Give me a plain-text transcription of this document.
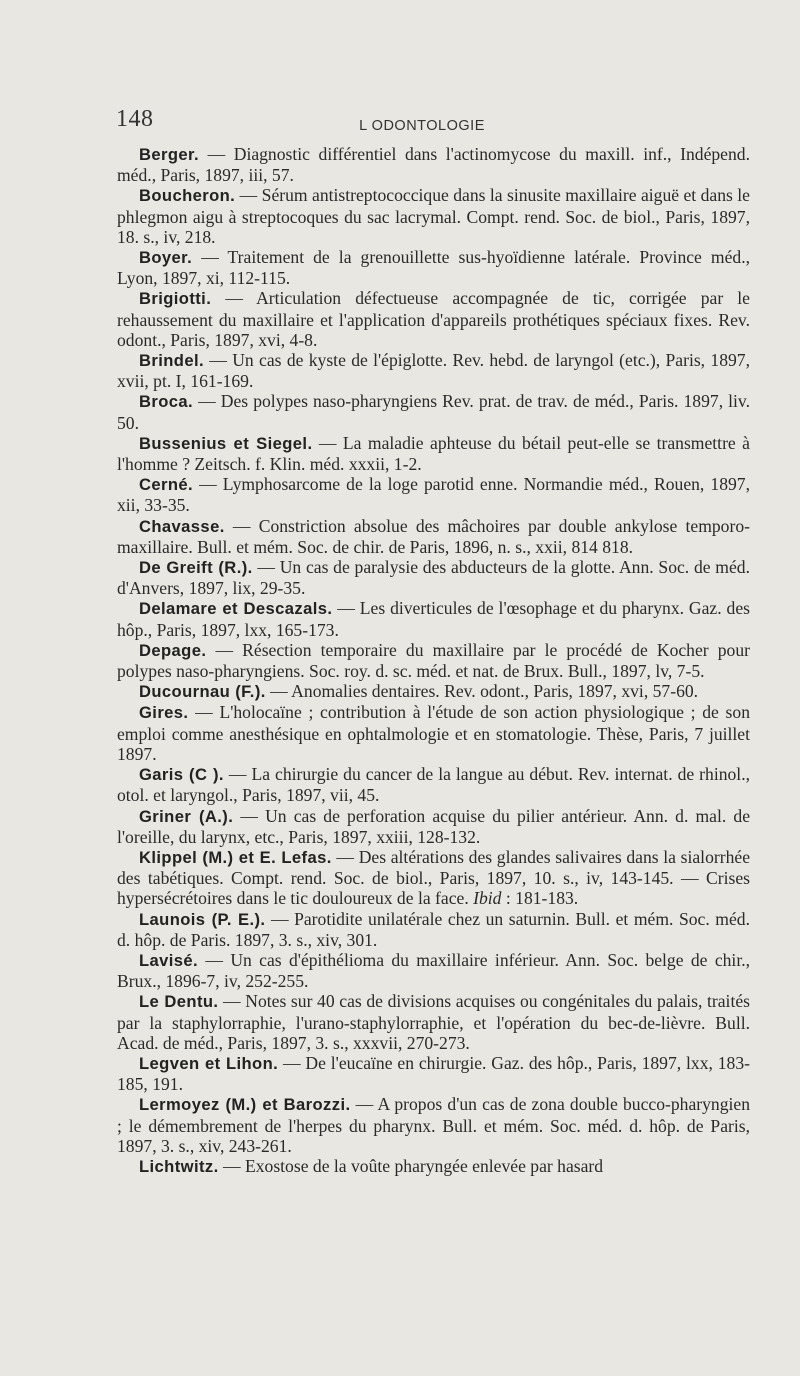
148	L ODONTOLOGIE

Berger. — Diagnostic différentiel dans l'actinomycose du maxill. inf., Indépend. méd., Paris, 1897, iii, 57.

Boucheron. — Sérum antistreptococcique dans la sinusite maxillaire aiguë et dans le phlegmon aigu à streptocoques du sac lacrymal. Compt. rend. Soc. de biol., Paris, 1897, 18. s., iv, 218.

Boyer. — Traitement de la grenouillette sus-hyoïdienne latérale. Province méd., Lyon, 1897, xi, 112-115.

Brigiotti. — Articulation défectueuse accompagnée de tic, corrigée par le rehaussement du maxillaire et l'application d'appareils prothétiques spéciaux fixes. Rev. odont., Paris, 1897, xvi, 4-8.

Brindel. — Un cas de kyste de l'épiglotte. Rev. hebd. de laryngol (etc.), Paris, 1897, xvii, pt. I, 161-169.

Broca. — Des polypes naso-pharyngiens Rev. prat. de trav. de méd., Paris. 1897, liv. 50.

Bussenius et Siegel. — La maladie aphteuse du bétail peut-elle se transmettre à l'homme ? Zeitsch. f. Klin. méd. xxxii, 1-2.

Cerné. — Lymphosarcome de la loge parotid enne. Normandie méd., Rouen, 1897, xii, 33-35.

Chavasse. — Constriction absolue des mâchoires par double ankylose temporo-maxillaire. Bull. et mém. Soc. de chir. de Paris, 1896, n. s., xxii, 814 818.

De Greift (R.). — Un cas de paralysie des abducteurs de la glotte. Ann. Soc. de méd. d'Anvers, 1897, lix, 29-35.

Delamare et Descazals. — Les diverticules de l'œsophage et du pharynx. Gaz. des hôp., Paris, 1897, lxx, 165-173.

Depage. — Résection temporaire du maxillaire par le procédé de Kocher pour polypes naso-pharyngiens. Soc. roy. d. sc. méd. et nat. de Brux. Bull., 1897, lv, 7-5.

Ducournau (F.). — Anomalies dentaires. Rev. odont., Paris, 1897, xvi, 57-60.

Gires. — L'holocaïne ; contribution à l'étude de son action physiologique ; de son emploi comme anesthésique en ophtalmologie et en stomatologie. Thèse, Paris, 7 juillet 1897.

Garis (C ). — La chirurgie du cancer de la langue au début. Rev. internat. de rhinol., otol. et laryngol., Paris, 1897, vii, 45.

Griner (A.). — Un cas de perforation acquise du pilier antérieur. Ann. d. mal. de l'oreille, du larynx, etc., Paris, 1897, xxiii, 128-132.

Klippel (M.) et E. Lefas. — Des altérations des glandes salivaires dans la sialorrhée des tabétiques. Compt. rend. Soc. de biol., Paris, 1897, 10. s., iv, 143-145. — Crises hypersécrétoires dans le tic douloureux de la face. Ibid : 181-183.

Launois (P. E.). — Parotidite unilatérale chez un saturnin. Bull. et mém. Soc. méd. d. hôp. de Paris. 1897, 3. s., xiv, 301.

Lavisé. — Un cas d'épithélioma du maxillaire inférieur. Ann. Soc. belge de chir., Brux., 1896-7, iv, 252-255.

Le Dentu. — Notes sur 40 cas de divisions acquises ou congénitales du palais, traités par la staphylorraphie, l'urano-staphylorraphie, et l'opération du bec-de-lièvre. Bull. Acad. de méd., Paris, 1897, 3. s., xxxvii, 270-273.

Legven et Lihon. — De l'eucaïne en chirurgie. Gaz. des hôp., Paris, 1897, lxx, 183-185, 191.

Lermoyez (M.) et Barozzi. — A propos d'un cas de zona double bucco-pharyngien ; le démembrement de l'herpes du pharynx. Bull. et mém. Soc. méd. d. hôp. de Paris, 1897, 3. s., xiv, 243-261.

Lichtwitz. — Exostose de la voûte pharyngée enlevée par hasard
